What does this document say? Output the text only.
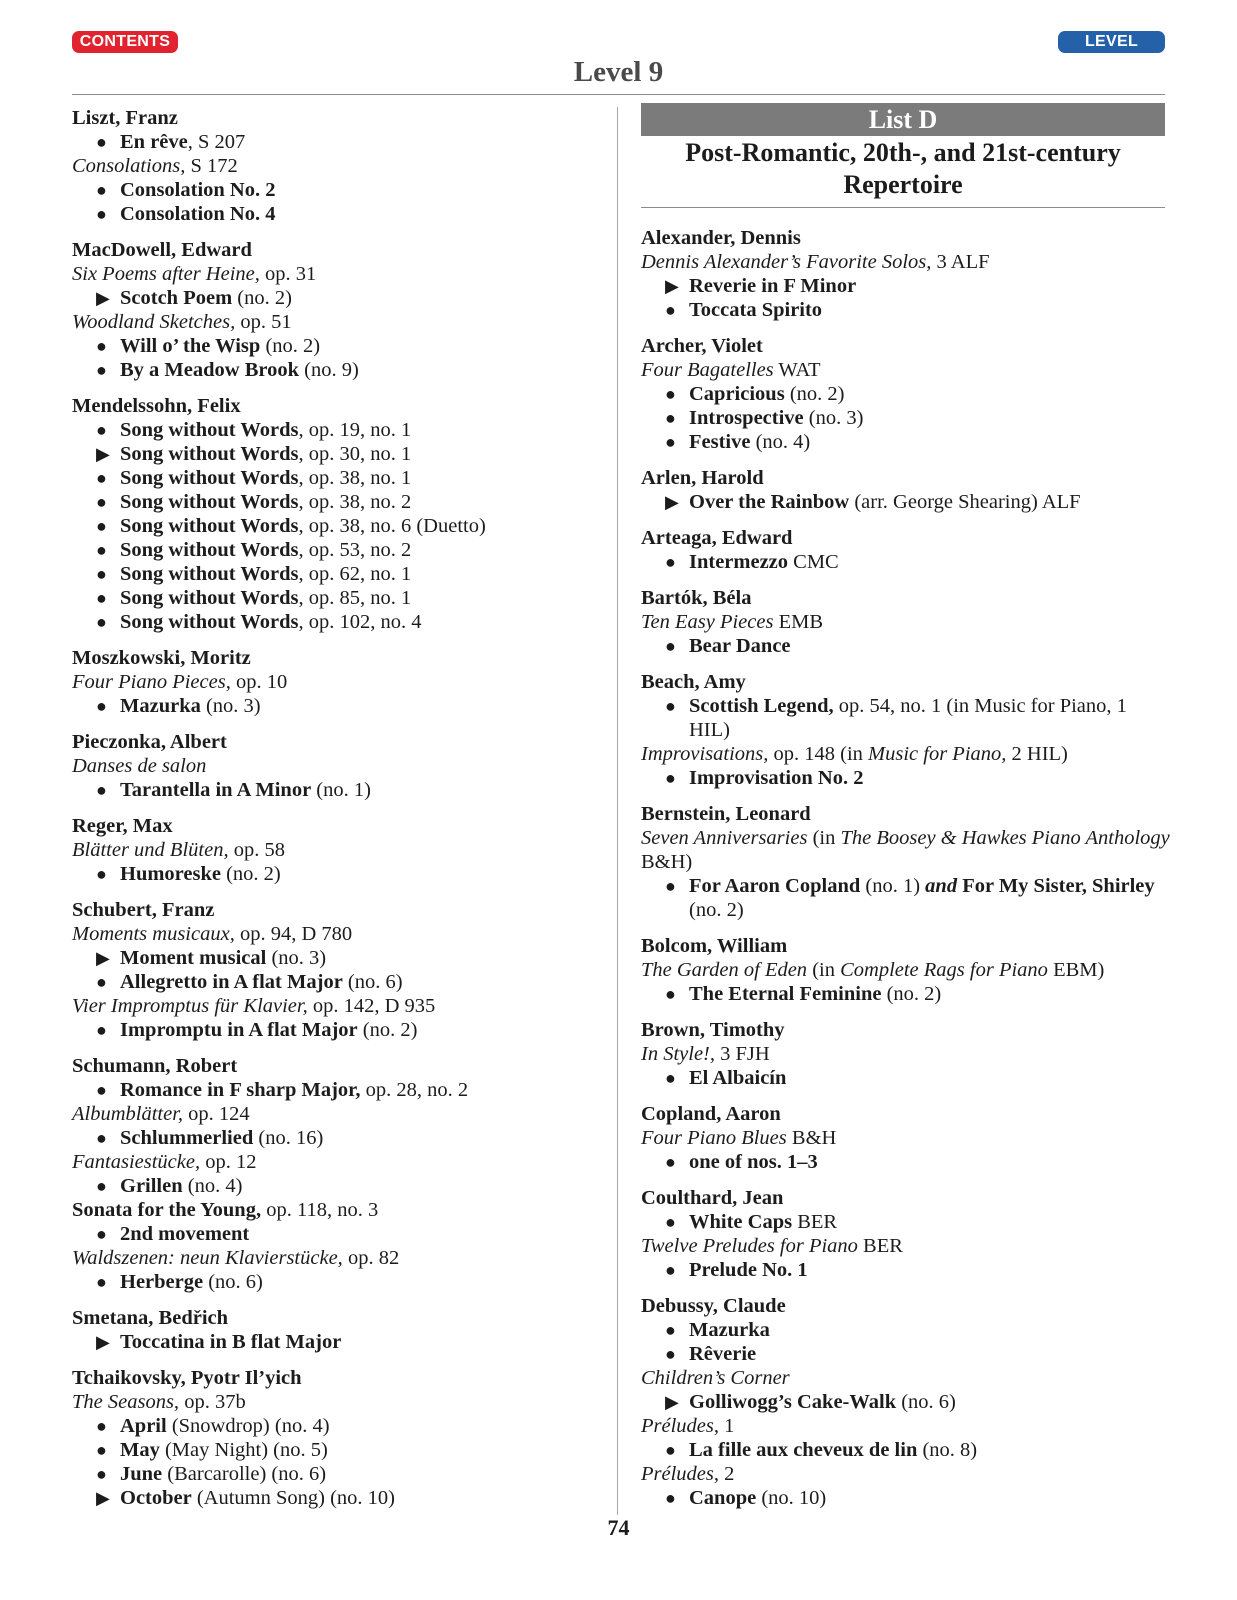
CONTENTS	LEVEL
Level 9
List D
Post-Romantic, 20th-, and 21st-century
Repertoire
Liszt, Franz
● En rêve, S 207
Consolations, S 172
● Consolation No. 2
● Consolation No. 4
MacDowell, Edward
Six Poems after Heine, op. 31
▶ Scotch Poem (no. 2)
Woodland Sketches, op. 51
● Will o’ the Wisp (no. 2)
● By a Meadow Brook (no. 9)
Mendelssohn, Felix
● Song without Words, op. 19, no. 1
▶ Song without Words, op. 30, no. 1
● Song without Words, op. 38, no. 1
● Song without Words, op. 38, no. 2
● Song without Words, op. 38, no. 6 (Duetto)
● Song without Words, op. 53, no. 2
● Song without Words, op. 62, no. 1
● Song without Words, op. 85, no. 1
● Song without Words, op. 102, no. 4
Moszkowski, Moritz
Four Piano Pieces, op. 10
● Mazurka (no. 3)
Pieczonka, Albert
Danses de salon
● Tarantella in A Minor (no. 1)
Reger, Max
Blätter und Blüten, op. 58
● Humoreske (no. 2)
Schubert, Franz
Moments musicaux, op. 94, D 780
▶ Moment musical (no. 3)
● Allegretto in A flat Major (no. 6)
Vier Impromptus für Klavier, op. 142, D 935
● Impromptu in A flat Major (no. 2)
Schumann, Robert
● Romance in F sharp Major, op. 28, no. 2
Albumblätter, op. 124
● Schlummerlied (no. 16)
Fantasiestücke, op. 12
● Grillen (no. 4)
Sonata for the Young, op. 118, no. 3
● 2nd movement
Waldszenen: neun Klavierstücke, op. 82
● Herberge (no. 6)
Smetana, Bedřich
▶ Toccatina in B flat Major
Tchaikovsky, Pyotr Il’yich
The Seasons, op. 37b
● April (Snowdrop) (no. 4)
● May (May Night) (no. 5)
● June (Barcarolle) (no. 6)
▶ October (Autumn Song) (no. 10)
Alexander, Dennis
Dennis Alexander’s Favorite Solos, 3 ALF
▶ Reverie in F Minor
● Toccata Spirito
Archer, Violet
Four Bagatelles WAT
● Capricious (no. 2)
● Introspective (no. 3)
● Festive (no. 4)
Arlen, Harold
▶ Over the Rainbow (arr. George Shearing) ALF
Arteaga, Edward
● Intermezzo CMC
Bartók, Béla
Ten Easy Pieces EMB
● Bear Dance
Beach, Amy
● Scottish Legend, op. 54, no. 1 (in Music for Piano, 1 HIL)
Improvisations, op. 148 (in Music for Piano, 2 HIL)
● Improvisation No. 2
Bernstein, Leonard
Seven Anniversaries (in The Boosey & Hawkes Piano Anthology B&H)
● For Aaron Copland (no. 1) and For My Sister, Shirley (no. 2)
Bolcom, William
The Garden of Eden (in Complete Rags for Piano EBM)
● The Eternal Feminine (no. 2)
Brown, Timothy
In Style!, 3 FJH
● El Albaicín
Copland, Aaron
Four Piano Blues B&H
● one of nos. 1–3
Coulthard, Jean
● White Caps BER
Twelve Preludes for Piano BER
● Prelude No. 1
Debussy, Claude
● Mazurka
● Rêverie
Children’s Corner
▶ Golliwogg’s Cake-Walk (no. 6)
Préludes, 1
● La fille aux cheveux de lin (no. 8)
Préludes, 2
● Canope (no. 10)
74
